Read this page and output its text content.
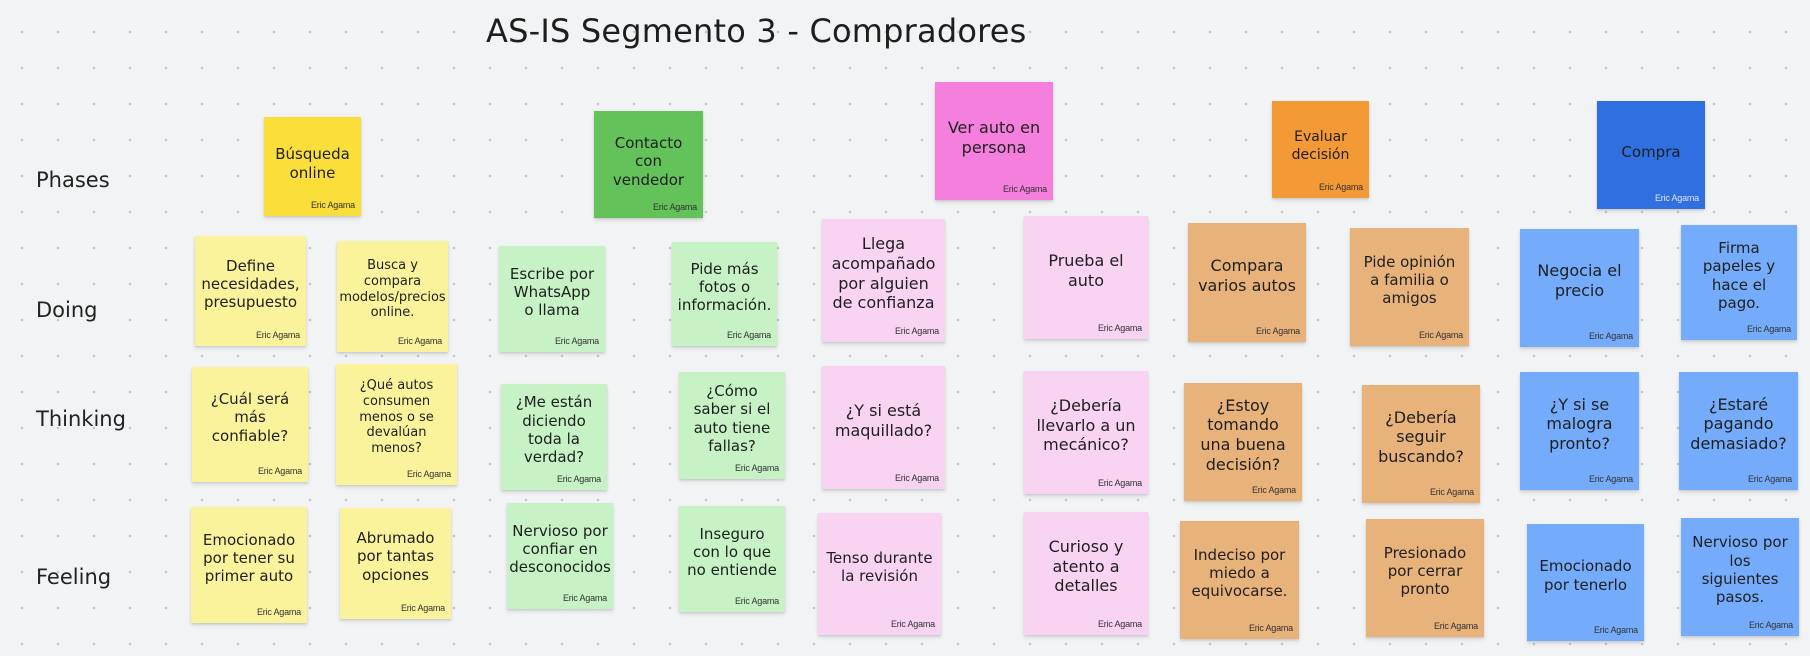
AS-IS Segmento 3 - Compradores
Phases
Doing
Thinking
Feeling
Búsqueda online
Eric Agama
Contacto con vendedor
Eric Agama
Ver auto en persona
Eric Agama
Evaluar decisión
Eric Agama
Compra
Eric Agama
Define necesidades, presupuesto
Eric Agama
Busca y compara modelos/precios online.
Eric Agama
Escribe por WhatsApp o llama
Eric Agama
Pide más fotos o información.
Eric Agama
Llega acompañado por alguien de confianza
Eric Agama
Prueba el auto
Eric Agama
Compara varios autos
Eric Agama
Pide opinión a familia o amigos
Eric Agama
Negocia el precio
Eric Agama
Firma papeles y hace el pago.
Eric Agama
¿Cuál será más confiable?
Eric Agama
¿Qué autos consumen menos o se devalúan menos?
Eric Agama
¿Me están diciendo toda la verdad?
Eric Agama
¿Cómo saber si el auto tiene fallas?
Eric Agama
¿Y si está maquillado?
Eric Agama
¿Debería llevarlo a un mecánico?
Eric Agama
¿Estoy tomando una buena decisión?
Eric Agama
¿Debería seguir buscando?
Eric Agama
¿Y si se malogra pronto?
Eric Agama
¿Estaré pagando demasiado?
Eric Agama
Emocionado por tener su primer auto
Eric Agama
Abrumado por tantas opciones
Eric Agama
Nervioso por confiar en desconocidos
Eric Agama
Inseguro con lo que no entiende
Eric Agama
Tenso durante la revisión
Eric Agama
Curioso y atento a detalles
Eric Agama
Indeciso por miedo a equivocarse.
Eric Agama
Presionado por cerrar pronto
Eric Agama
Emocionado por tenerlo
Eric Agama
Nervioso por los siguientes pasos.
Eric Agama
